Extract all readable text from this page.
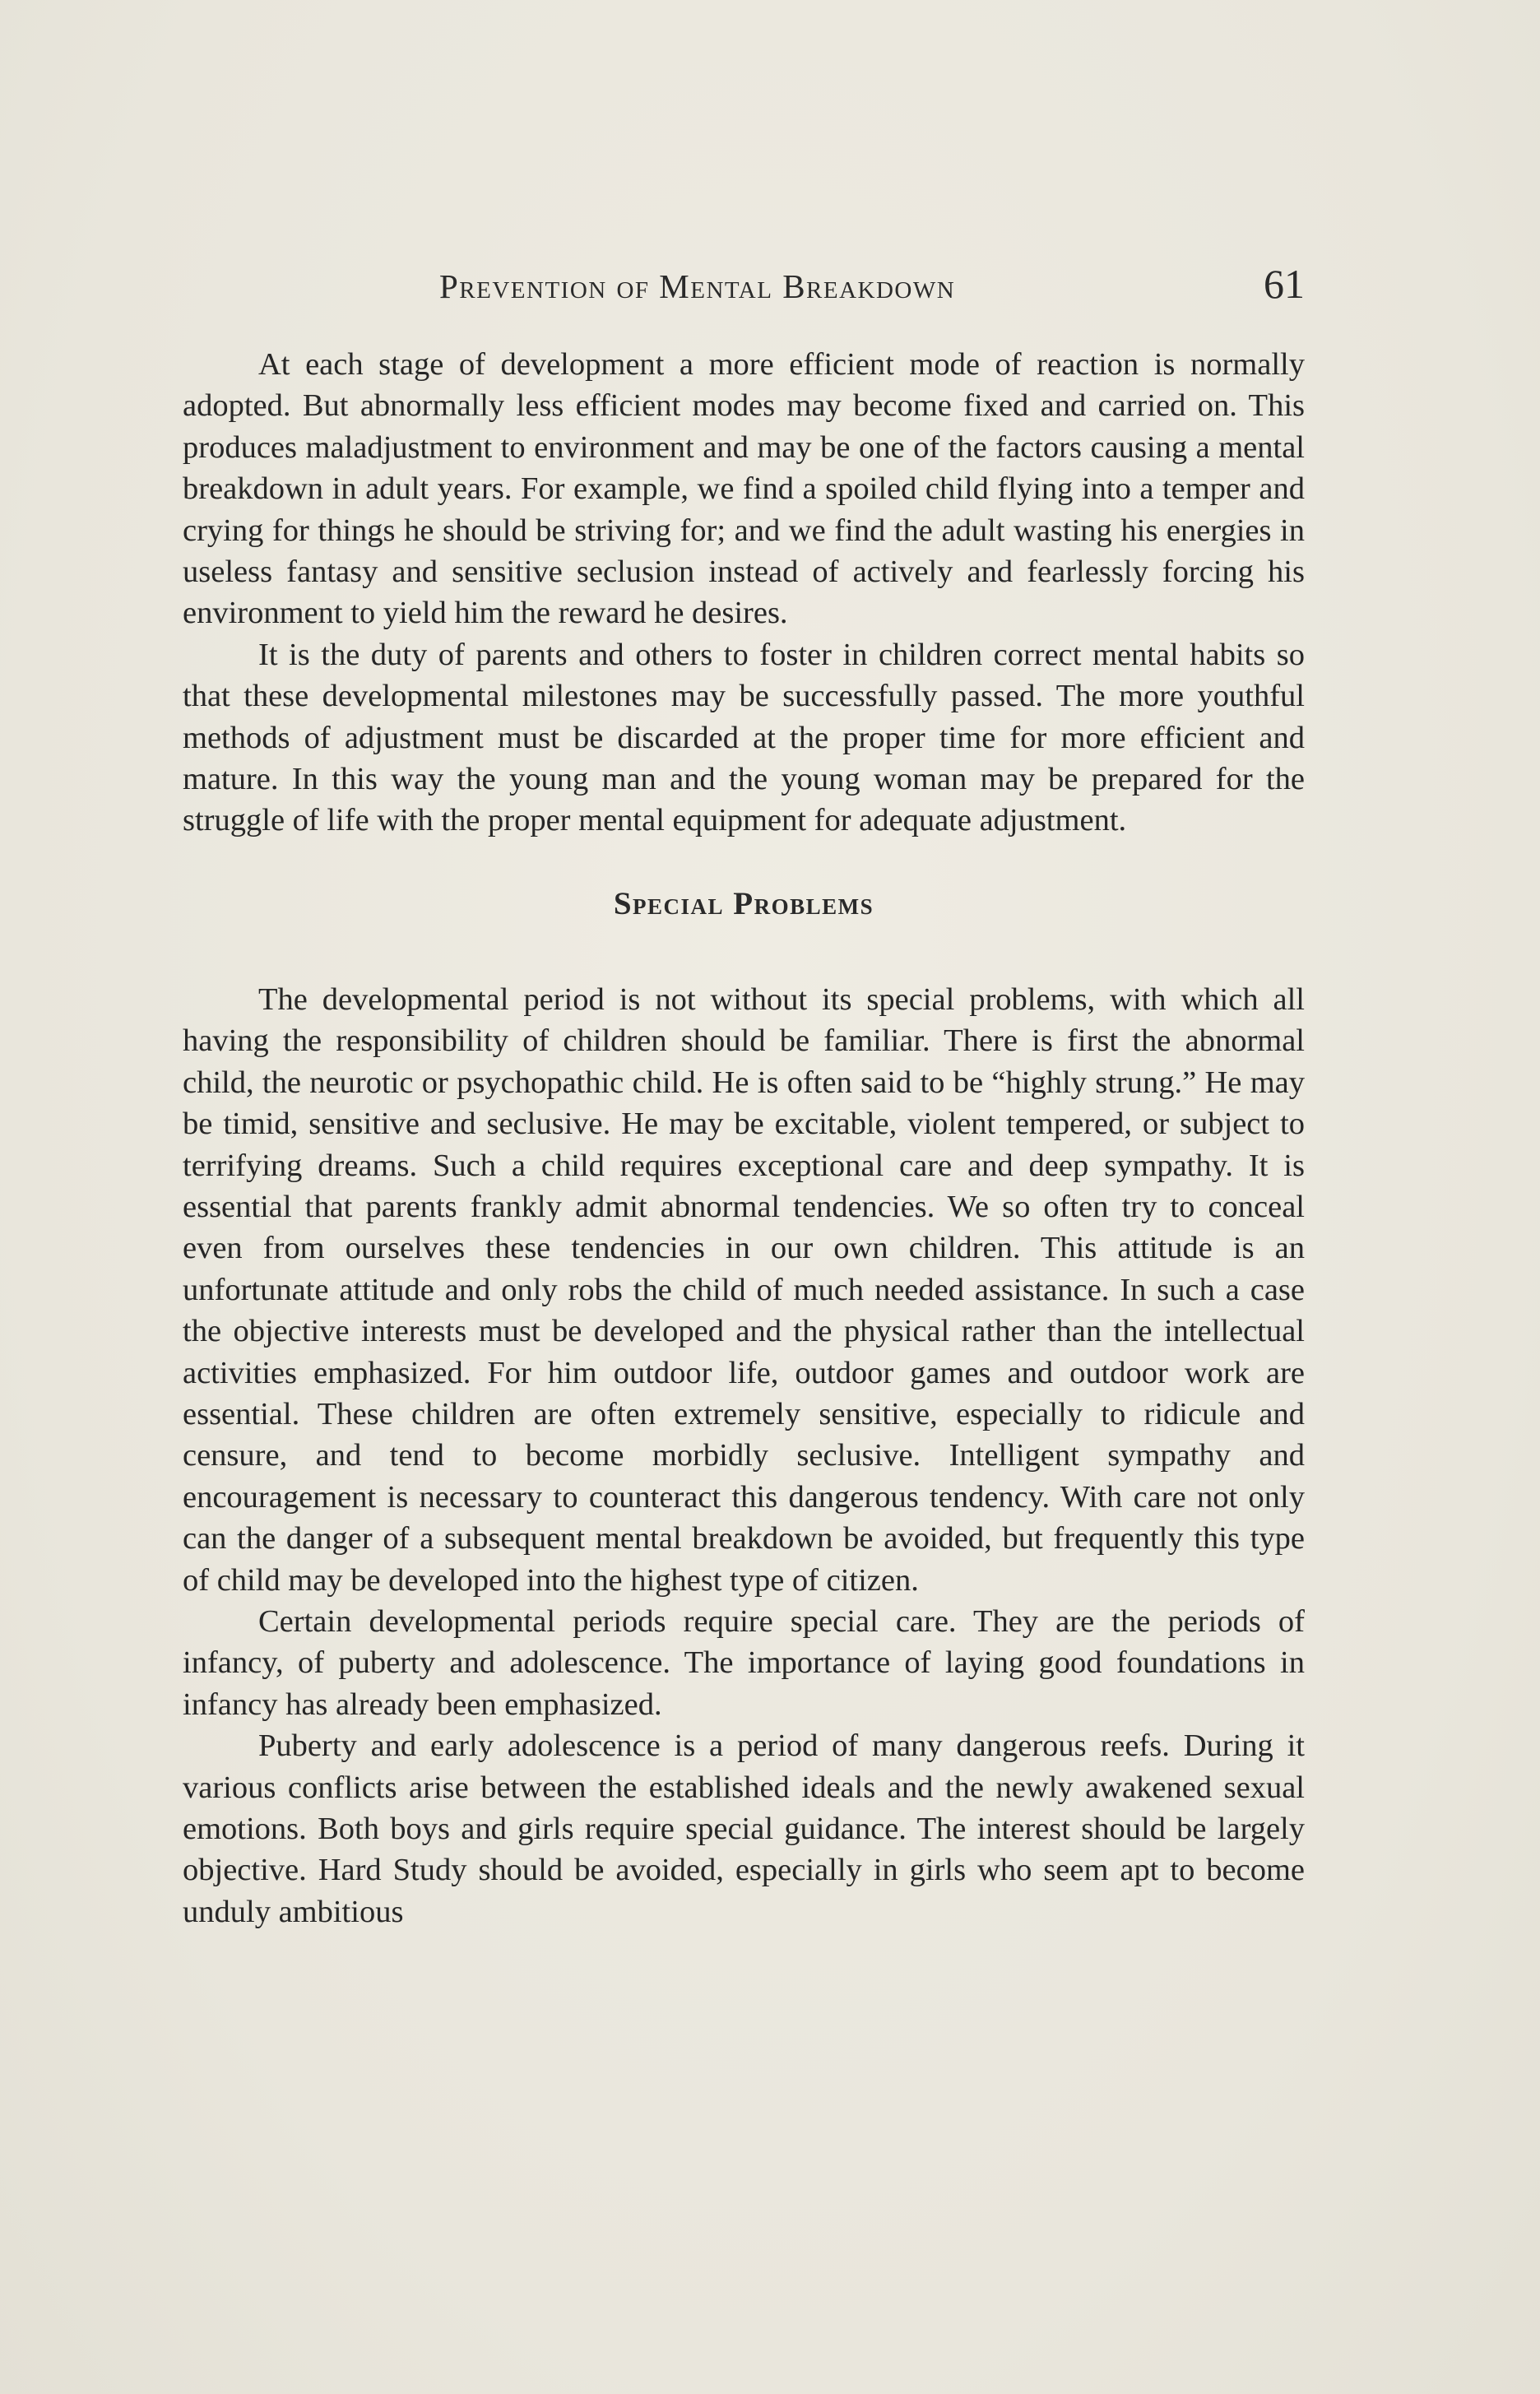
Prevention of Mental Breakdown	61

At each stage of development a more efficient mode of reaction is normally adopted. But abnormally less efficient modes may become fixed and carried on. This produces maladjustment to environment and may be one of the factors causing a mental breakdown in adult years. For example, we find a spoiled child flying into a temper and crying for things he should be striving for; and we find the adult wasting his energies in useless fantasy and sensitive seclusion instead of actively and fearlessly forcing his environment to yield him the reward he desires.

It is the duty of parents and others to foster in children correct mental habits so that these developmental milestones may be successfully passed. The more youthful methods of adjustment must be discarded at the proper time for more efficient and mature. In this way the young man and the young woman may be prepared for the struggle of life with the proper mental equipment for adequate adjustment.

Special Problems

The developmental period is not without its special problems, with which all having the responsibility of children should be familiar. There is first the abnormal child, the neurotic or psychopathic child. He is often said to be “highly strung.” He may be timid, sensitive and seclusive. He may be excitable, violent tempered, or subject to terrifying dreams. Such a child requires exceptional care and deep sympathy. It is essential that parents frankly admit abnormal tendencies. We so often try to conceal even from ourselves these tendencies in our own children. This attitude is an unfortunate attitude and only robs the child of much needed assistance. In such a case the objective interests must be developed and the physical rather than the intellectual activities emphasized. For him outdoor life, outdoor games and outdoor work are essential. These children are often extremely sensitive, especially to ridicule and censure, and tend to become morbidly seclusive. Intelligent sympathy and encouragement is necessary to counteract this dangerous tendency. With care not only can the danger of a subsequent mental breakdown be avoided, but frequently this type of child may be developed into the highest type of citizen.

Certain developmental periods require special care. They are the periods of infancy, of puberty and adolescence. The importance of laying good foundations in infancy has already been emphasized.

Puberty and early adolescence is a period of many dangerous reefs. During it various conflicts arise between the established ideals and the newly awakened sexual emotions. Both boys and girls require special guidance. The interest should be largely objective. Hard Study should be avoided, especially in girls who seem apt to become unduly ambitious
